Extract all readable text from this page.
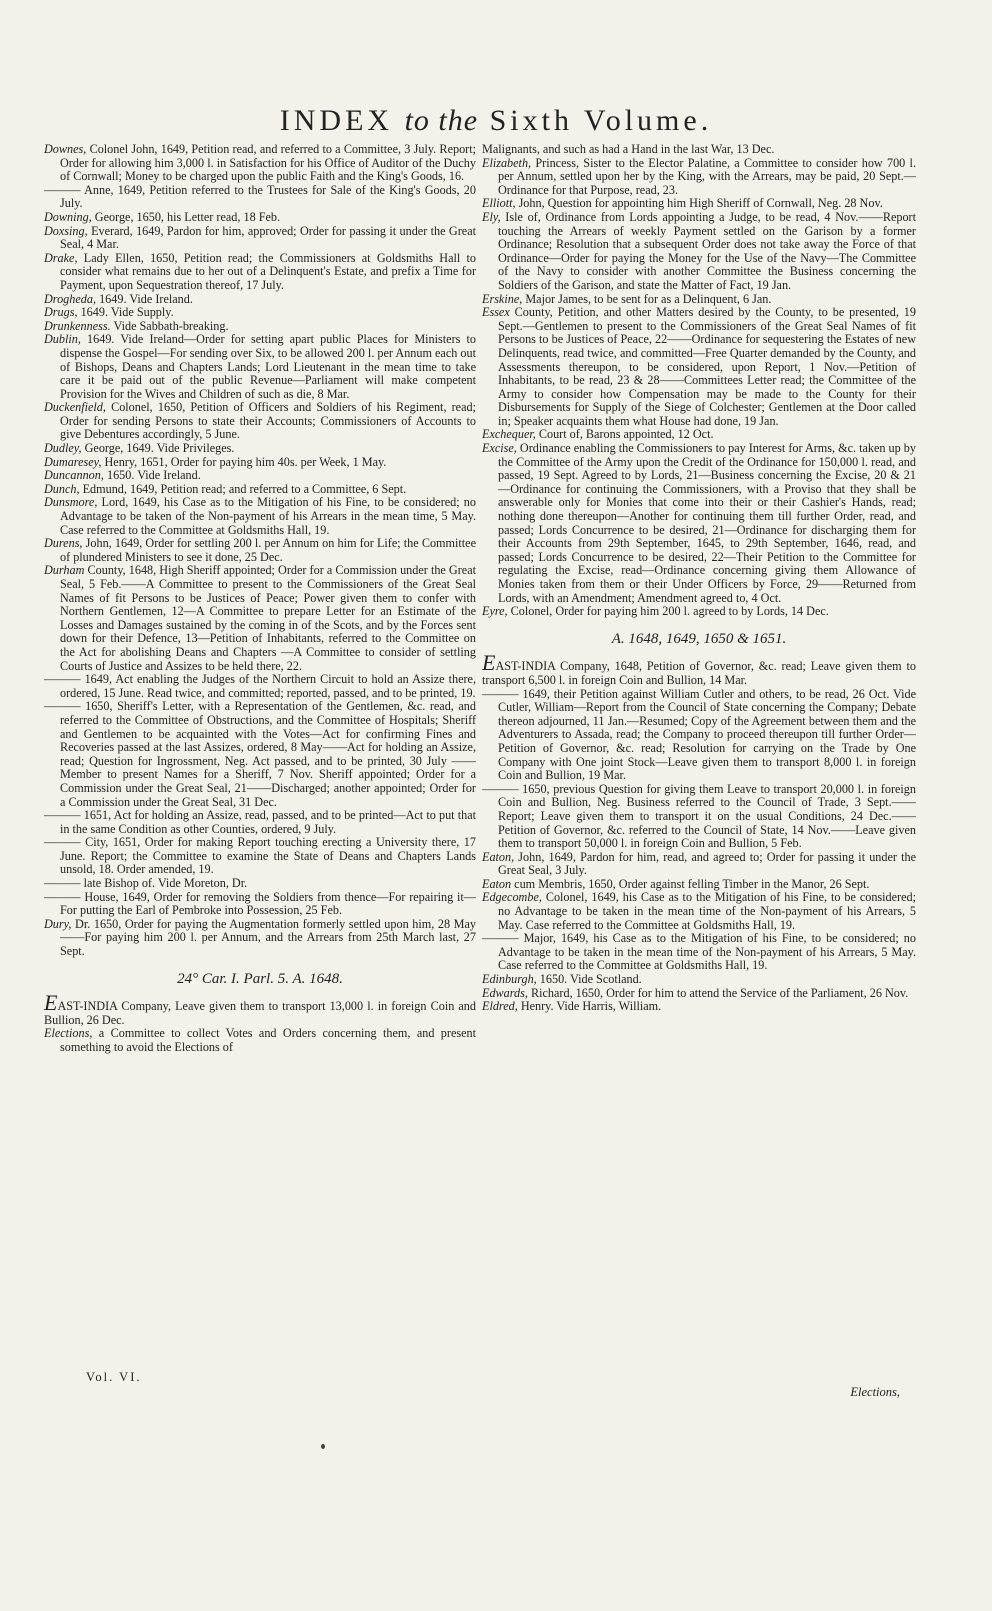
INDEX to the Sixth Volume.

Downes, Colonel John, 1649, Petition read, and referred to a Committee, 3 July. Report; Order for allowing him 3,000 l. in Satisfaction for his Office of Auditor of the Duchy of Cornwall; Money to be charged upon the public Faith and the King's Goods, 16.

——— Anne, 1649, Petition referred to the Trustees for Sale of the King's Goods, 20 July.

Downing, George, 1650, his Letter read, 18 Feb.

Doxsing, Everard, 1649, Pardon for him, approved; Order for passing it under the Great Seal, 4 Mar.

Drake, Lady Ellen, 1650, Petition read; the Commissioners at Goldsmiths Hall to consider what remains due to her out of a Delinquent's Estate, and prefix a Time for Payment, upon Sequestration thereof, 17 July.

Drogheda, 1649. Vide Ireland.

Drugs, 1649. Vide Supply.

Drunkenness. Vide Sabbath-breaking.

Dublin, 1649. Vide Ireland—Order for setting apart public Places for Ministers to dispense the Gospel—For sending over Six, to be allowed 200 l. per Annum each out of Bishops, Deans and Chapters Lands; Lord Lieutenant in the mean time to take care it be paid out of the public Revenue—Parliament will make competent Provision for the Wives and Children of such as die, 8 Mar.

Duckenfield, Colonel, 1650, Petition of Officers and Soldiers of his Regiment, read; Order for sending Persons to state their Accounts; Commissioners of Accounts to give Debentures accordingly, 5 June.

Dudley, George, 1649. Vide Privileges.

Dumaresey, Henry, 1651, Order for paying him 40s. per Week, 1 May.

Duncannon, 1650. Vide Ireland.

Dunch, Edmund, 1649, Petition read; and referred to a Committee, 6 Sept.

Dunsmore, Lord, 1649, his Case as to the Mitigation of his Fine, to be considered; no Advantage to be taken of the Non-payment of his Arrears in the mean time, 5 May. Case referred to the Committee at Goldsmiths Hall, 19.

Durens, John, 1649, Order for settling 200 l. per Annum on him for Life; the Committee of plundered Ministers to see it done, 25 Dec.

Durham County, 1648, High Sheriff appointed; Order for a Commission under the Great Seal, 5 Feb.——A Committee to present to the Commissioners of the Great Seal Names of fit Persons to be Justices of Peace; Power given them to confer with Northern Gentlemen, 12—A Committee to prepare Letter for an Estimate of the Losses and Damages sustained by the coming in of the Scots, and by the Forces sent down for their Defence, 13—Petition of Inhabitants, referred to the Committee on the Act for abolishing Deans and Chapters —A Committee to consider of settling Courts of Justice and Assizes to be held there, 22.

——— 1649, Act enabling the Judges of the Northern Circuit to hold an Assize there, ordered, 15 June. Read twice, and committed; reported, passed, and to be printed, 19.

——— 1650, Sheriff's Letter, with a Representation of the Gentlemen, &c. read, and referred to the Committee of Obstructions, and the Committee of Hospitals; Sheriff and Gentlemen to be acquainted with the Votes—Act for confirming Fines and Recoveries passed at the last Assizes, ordered, 8 May——Act for holding an Assize, read; Question for Ingrossment, Neg. Act passed, and to be printed, 30 July ——Member to present Names for a Sheriff, 7 Nov. Sheriff appointed; Order for a Commission under the Great Seal, 21——Discharged; another appointed; Order for a Commission under the Great Seal, 31 Dec.

——— 1651, Act for holding an Assize, read, passed, and to be printed—Act to put that in the same Condition as other Counties, ordered, 9 July.

——— City, 1651, Order for making Report touching erecting a University there, 17 June. Report; the Committee to examine the State of Deans and Chapters Lands unsold, 18. Order amended, 19.

——— late Bishop of. Vide Moreton, Dr.

——— House, 1649, Order for removing the Soldiers from thence—For repairing it—For putting the Earl of Pembroke into Possession, 25 Feb.

Dury, Dr. 1650, Order for paying the Augmentation formerly settled upon him, 28 May——For paying him 200 l. per Annum, and the Arrears from 25th March last, 27 Sept.

24° Car. I. Parl. 5. A. 1648.

EAST-INDIA Company, Leave given them to transport 13,000 l. in foreign Coin and Bullion, 26 Dec.

Elections, a Committee to collect Votes and Orders concerning them, and present something to avoid the Elections of

Malignants, and such as had a Hand in the last War, 13 Dec.

Elizabeth, Princess, Sister to the Elector Palatine, a Committee to consider how 700 l. per Annum, settled upon her by the King, with the Arrears, may be paid, 20 Sept.—Ordinance for that Purpose, read, 23.

Elliott, John, Question for appointing him High Sheriff of Cornwall, Neg. 28 Nov.

Ely, Isle of, Ordinance from Lords appointing a Judge, to be read, 4 Nov.——Report touching the Arrears of weekly Payment settled on the Garison by a former Ordinance; Resolution that a subsequent Order does not take away the Force of that Ordinance—Order for paying the Money for the Use of the Navy—The Committee of the Navy to consider with another Committee the Business concerning the Soldiers of the Garison, and state the Matter of Fact, 19 Jan.

Erskine, Major James, to be sent for as a Delinquent, 6 Jan.

Essex County, Petition, and other Matters desired by the County, to be presented, 19 Sept.—Gentlemen to present to the Commissioners of the Great Seal Names of fit Persons to be Justices of Peace, 22——Ordinance for sequestering the Estates of new Delinquents, read twice, and committed—Free Quarter demanded by the County, and Assessments thereupon, to be considered, upon Report, 1 Nov.—Petition of Inhabitants, to be read, 23 & 28——Committees Letter read; the Committee of the Army to consider how Compensation may be made to the County for their Disbursements for Supply of the Siege of Colchester; Gentlemen at the Door called in; Speaker acquaints them what House had done, 19 Jan.

Exchequer, Court of, Barons appointed, 12 Oct.

Excise, Ordinance enabling the Commissioners to pay Interest for Arms, &c. taken up by the Committee of the Army upon the Credit of the Ordinance for 150,000 l. read, and passed, 19 Sept. Agreed to by Lords, 21—Business concerning the Excise, 20 & 21—Ordinance for continuing the Commissioners, with a Proviso that they shall be answerable only for Monies that come into their or their Cashier's Hands, read; nothing done thereupon—Another for continuing them till further Order, read, and passed; Lords Concurrence to be desired, 21—Ordinance for discharging them for their Accounts from 29th September, 1645, to 29th September, 1646, read, and passed; Lords Concurrence to be desired, 22—Their Petition to the Committee for regulating the Excise, read—Ordinance concerning giving them Allowance of Monies taken from them or their Under Officers by Force, 29——Returned from Lords, with an Amendment; Amendment agreed to, 4 Oct.

Eyre, Colonel, Order for paying him 200 l. agreed to by Lords, 14 Dec.

A. 1648, 1649, 1650 & 1651.

EAST-INDIA Company, 1648, Petition of Governor, &c. read; Leave given them to transport 6,500 l. in foreign Coin and Bullion, 14 Mar.

——— 1649, their Petition against William Cutler and others, to be read, 26 Oct. Vide Cutler, William—Report from the Council of State concerning the Company; Debate thereon adjourned, 11 Jan.—Resumed; Copy of the Agreement between them and the Adventurers to Assada, read; the Company to proceed thereupon till further Order—Petition of Governor, &c. read; Resolution for carrying on the Trade by One Company with One joint Stock—Leave given them to transport 8,000 l. in foreign Coin and Bullion, 19 Mar.

——— 1650, previous Question for giving them Leave to transport 20,000 l. in foreign Coin and Bullion, Neg. Business referred to the Council of Trade, 3 Sept.——Report; Leave given them to transport it on the usual Conditions, 24 Dec.—— Petition of Governor, &c. referred to the Council of State, 14 Nov.——Leave given them to transport 50,000 l. in foreign Coin and Bullion, 5 Feb.

Eaton, John, 1649, Pardon for him, read, and agreed to; Order for passing it under the Great Seal, 3 July.

Eaton cum Membris, 1650, Order against felling Timber in the Manor, 26 Sept.

Edgecombe, Colonel, 1649, his Case as to the Mitigation of his Fine, to be considered; no Advantage to be taken in the mean time of the Non-payment of his Arrears, 5 May. Case referred to the Committee at Goldsmiths Hall, 19.

——— Major, 1649, his Case as to the Mitigation of his Fine, to be considered; no Advantage to be taken in the mean time of the Non-payment of his Arrears, 5 May. Case referred to the Committee at Goldsmiths Hall, 19.

Edinburgh, 1650. Vide Scotland.

Edwards, Richard, 1650, Order for him to attend the Service of the Parliament, 26 Nov.

Eldred, Henry. Vide Harris, William.

Vol. VI.
Elections,
